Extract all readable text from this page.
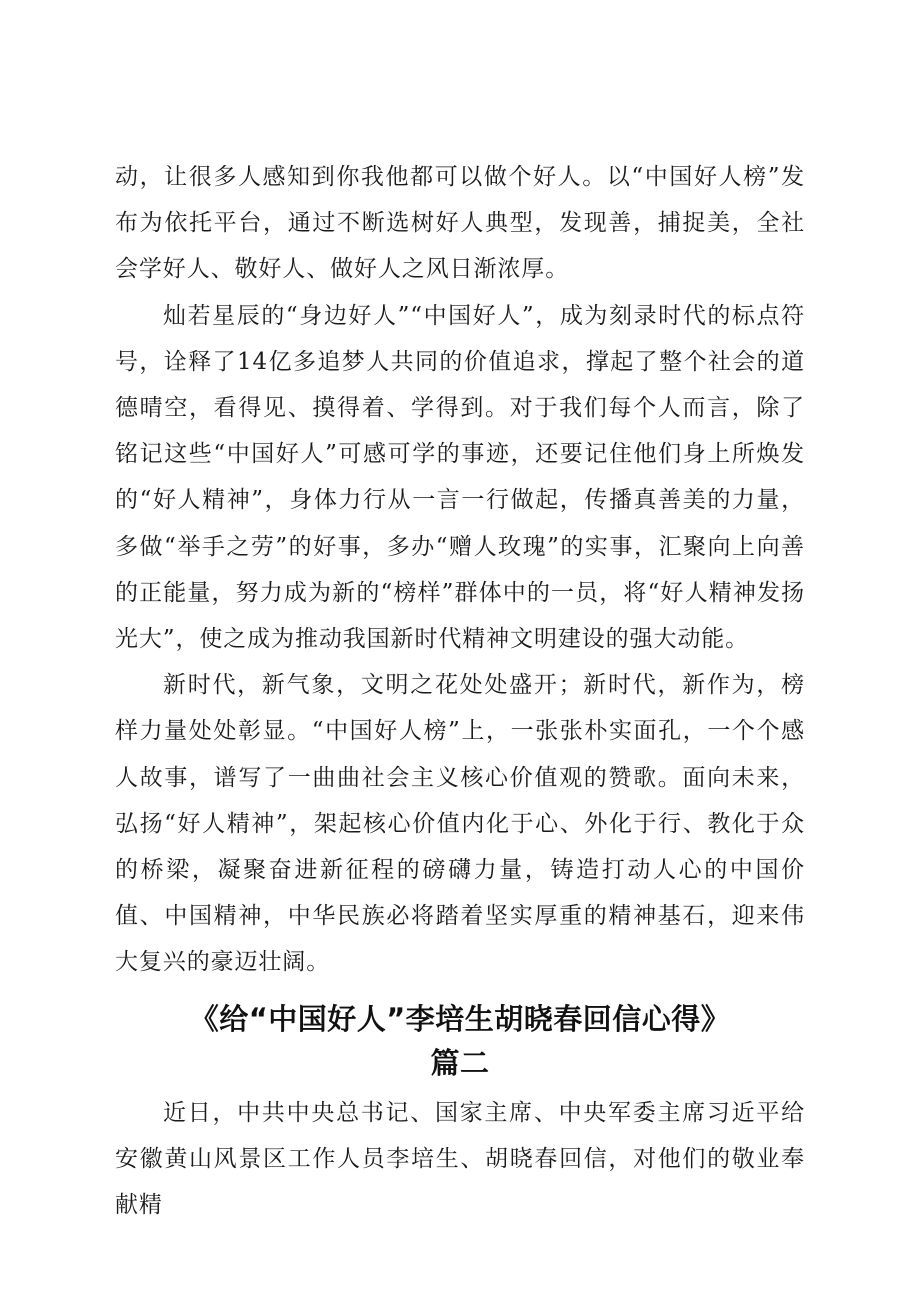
动，让很多人感知到你我他都可以做个好人。以“中国好人榜”发布为依托平台，通过不断选树好人典型，发现善，捕捉美，全社会学好人、敬好人、做好人之风日渐浓厚。

灿若星辰的“身边好人”“中国好人”，成为刻录时代的标点符号，诠释了14亿多追梦人共同的价值追求，撑起了整个社会的道德晴空，看得见、摸得着、学得到。对于我们每个人而言，除了铭记这些“中国好人”可感可学的事迹，还要记住他们身上所焕发的“好人精神”，身体力行从一言一行做起，传播真善美的力量，多做“举手之劳”的好事，多办“赠人玫瑰”的实事，汇聚向上向善的正能量，努力成为新的“榜样”群体中的一员，将“好人精神发扬光大”，使之成为推动我国新时代精神文明建设的强大动能。

新时代，新气象，文明之花处处盛开；新时代，新作为，榜样力量处处彰显。“中国好人榜”上，一张张朴实面孔，一个个感人故事，谱写了一曲曲社会主义核心价值观的赞歌。面向未来，弘扬“好人精神”，架起核心价值内化于心、外化于行、教化于众的桥梁，凝聚奋进新征程的磅礴力量，铸造打动人心的中国价值、中国精神，中华民族必将踏着坚实厚重的精神基石，迎来伟大复兴的豪迈壮阔。

《给“中国好人”李培生胡晓春回信心得》
篇二

近日，中共中央总书记、国家主席、中央军委主席习近平给安徽黄山风景区工作人员李培生、胡晓春回信，对他们的敬业奉献精
